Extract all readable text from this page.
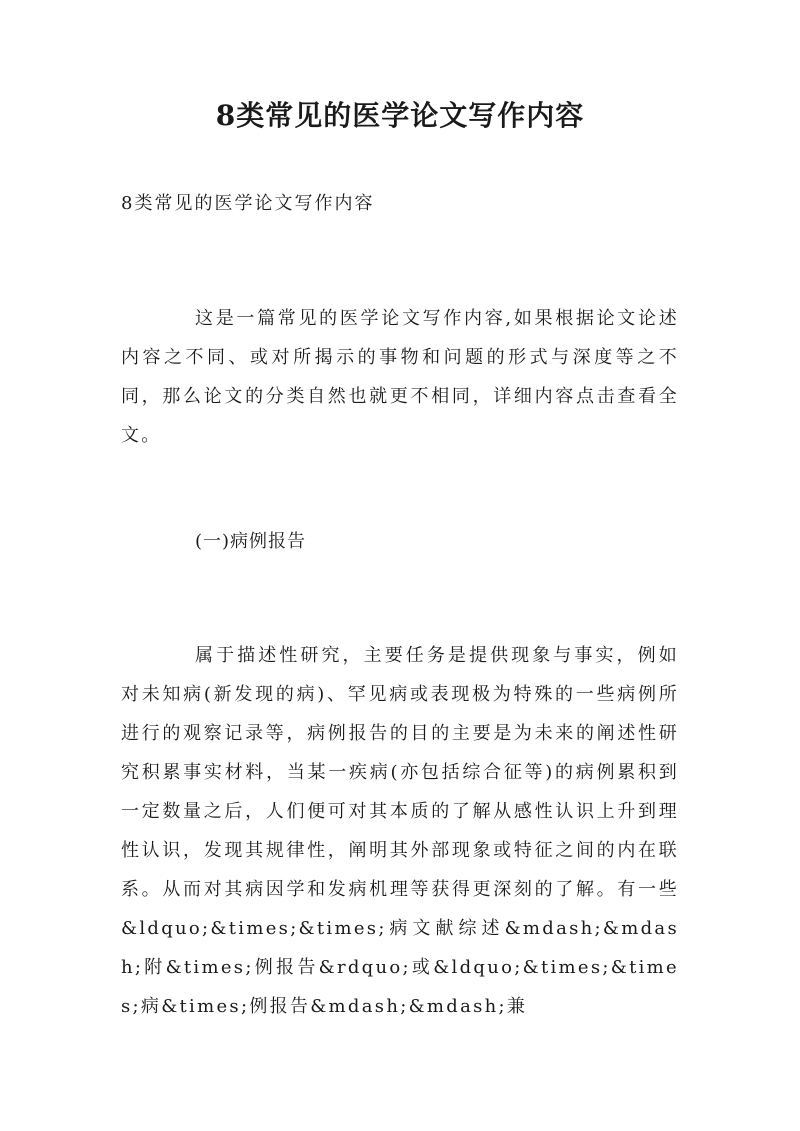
8类常见的医学论文写作内容

8类常见的医学论文写作内容

这是一篇常见的医学论文写作内容,如果根据论文论述内容之不同、或对所揭示的事物和问题的形式与深度等之不同，那么论文的分类自然也就更不相同，详细内容点击查看全文。

(一)病例报告

属于描述性研究，主要任务是提供现象与事实，例如对未知病(新发现的病)、罕见病或表现极为特殊的一些病例所进行的观察记录等，病例报告的目的主要是为未来的阐述性研究积累事实材料，当某一疾病(亦包括综合征等)的病例累积到一定数量之后，人们便可对其本质的了解从感性认识上升到理性认识，发现其规律性，阐明其外部现象或特征之间的内在联系。从而对其病因学和发病机理等获得更深刻的了解。有一些&ldquo;&times;&times;病文献综述&mdash;&mdash;附&times;例报告&rdquo;或&ldquo;&times;&times;病&times;例报告&mdash;&mdash;兼
